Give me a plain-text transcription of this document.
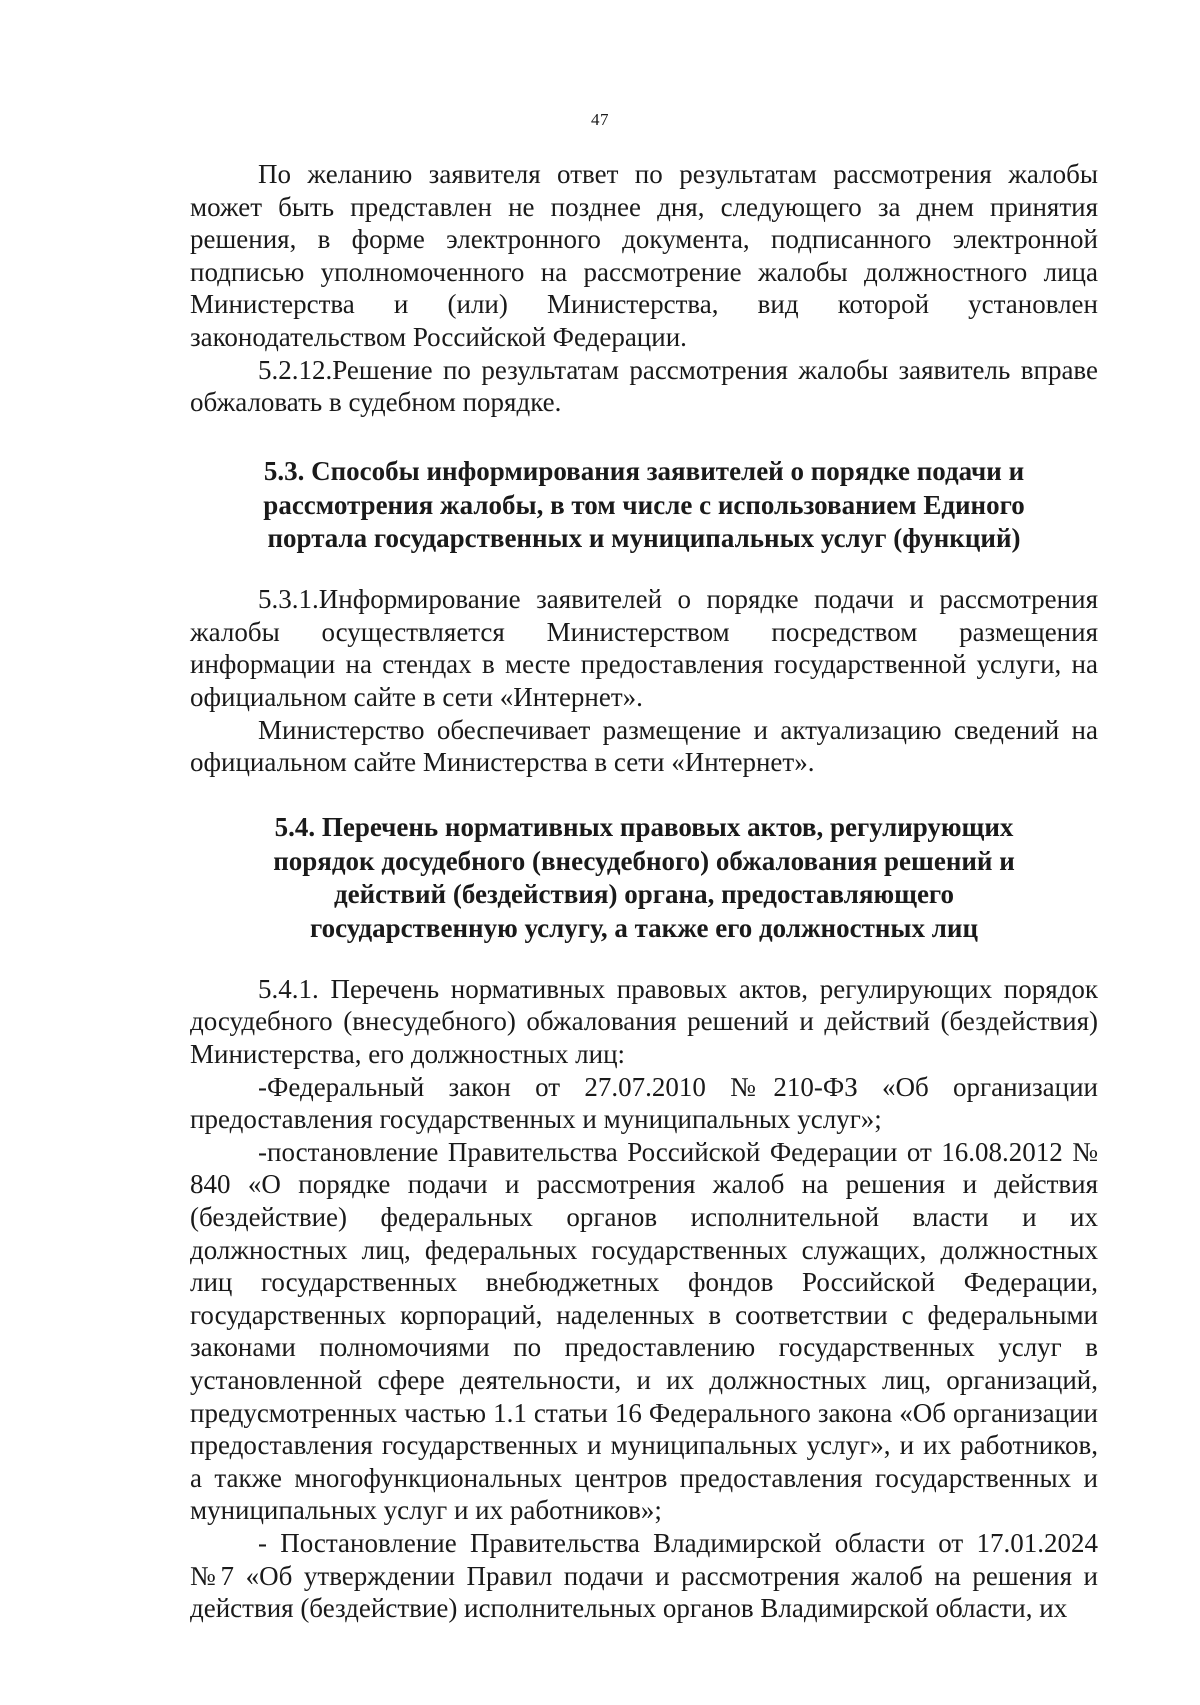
47

По желанию заявителя ответ по результатам рассмотрения жалобы может быть представлен не позднее дня, следующего за днем принятия решения, в форме электронного документа, подписанного электронной подписью уполномоченного на рассмотрение жалобы должностного лица Министерства и (или) Министерства, вид которой установлен законодательством Российской Федерации.

5.2.12.Решение по результатам рассмотрения жалобы заявитель вправе обжаловать в судебном порядке.

5.3. Способы информирования заявителей о порядке подачи и рассмотрения жалобы, в том числе с использованием Единого портала государственных и муниципальных услуг (функций)

5.3.1.Информирование заявителей о порядке подачи и рассмотрения жалобы осуществляется Министерством посредством размещения информации на стендах в месте предоставления государственной услуги, на официальном сайте в сети «Интернет».

Министерство обеспечивает размещение и актуализацию сведений на официальном сайте Министерства в сети «Интернет».

5.4. Перечень нормативных правовых актов, регулирующих порядок досудебного (внесудебного) обжалования решений и действий (бездействия) органа, предоставляющего государственную услугу, а также его должностных лиц

5.4.1. Перечень нормативных правовых актов, регулирующих порядок досудебного (внесудебного) обжалования решений и действий (бездействия) Министерства, его должностных лиц:

-Федеральный закон от 27.07.2010 №210-ФЗ «Об организации предоставления государственных и муниципальных услуг»;

-постановление Правительства Российской Федерации от 16.08.2012 № 840 «О порядке подачи и рассмотрения жалоб на решения и действия (бездействие) федеральных органов исполнительной власти и их должностных лиц, федеральных государственных служащих, должностных лиц государственных внебюджетных фондов Российской Федерации, государственных корпораций, наделенных в соответствии с федеральными законами полномочиями по предоставлению государственных услуг в установленной сфере деятельности, и их должностных лиц, организаций, предусмотренных частью 1.1 статьи 16 Федерального закона «Об организации предоставления государственных и муниципальных услуг», и их работников, а также многофункциональных центров предоставления государственных и муниципальных услуг и их работников»;

- Постановление Правительства Владимирской области от 17.01.2024 №7 «Об утверждении Правил подачи и рассмотрения жалоб на решения и действия (бездействие) исполнительных органов Владимирской области, их
